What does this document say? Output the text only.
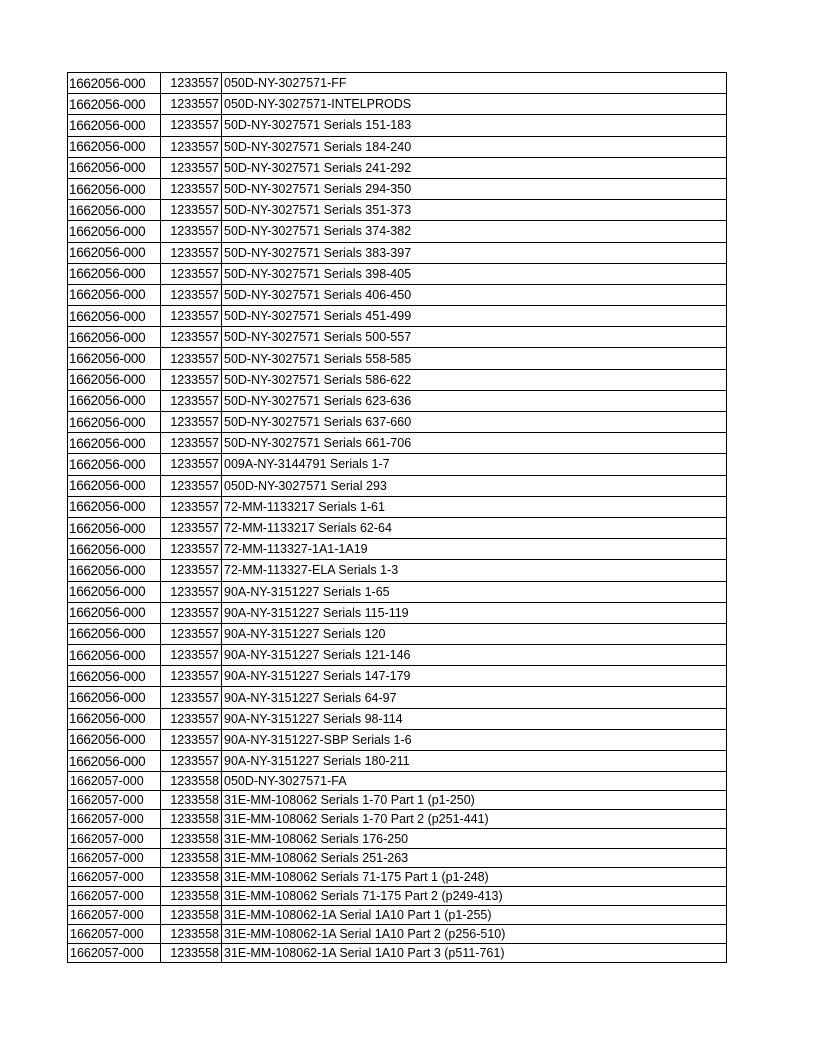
1662056-000	1233557	050D-NY-3027571-FF
1662056-000	1233557	050D-NY-3027571-INTELPRODS
1662056-000	1233557	50D-NY-3027571 Serials 151-183
1662056-000	1233557	50D-NY-3027571 Serials 184-240
1662056-000	1233557	50D-NY-3027571 Serials 241-292
1662056-000	1233557	50D-NY-3027571 Serials 294-350
1662056-000	1233557	50D-NY-3027571 Serials 351-373
1662056-000	1233557	50D-NY-3027571 Serials 374-382
1662056-000	1233557	50D-NY-3027571 Serials 383-397
1662056-000	1233557	50D-NY-3027571 Serials 398-405
1662056-000	1233557	50D-NY-3027571 Serials 406-450
1662056-000	1233557	50D-NY-3027571 Serials 451-499
1662056-000	1233557	50D-NY-3027571 Serials 500-557
1662056-000	1233557	50D-NY-3027571 Serials 558-585
1662056-000	1233557	50D-NY-3027571 Serials 586-622
1662056-000	1233557	50D-NY-3027571 Serials 623-636
1662056-000	1233557	50D-NY-3027571 Serials 637-660
1662056-000	1233557	50D-NY-3027571 Serials 661-706
1662056-000	1233557	009A-NY-3144791 Serials 1-7
1662056-000	1233557	050D-NY-3027571 Serial 293
1662056-000	1233557	72-MM-1133217 Serials 1-61
1662056-000	1233557	72-MM-1133217 Serials 62-64
1662056-000	1233557	72-MM-113327-1A1-1A19
1662056-000	1233557	72-MM-113327-ELA Serials 1-3
1662056-000	1233557	90A-NY-3151227 Serials 1-65
1662056-000	1233557	90A-NY-3151227 Serials 115-119
1662056-000	1233557	90A-NY-3151227 Serials 120
1662056-000	1233557	90A-NY-3151227 Serials 121-146
1662056-000	1233557	90A-NY-3151227 Serials 147-179
1662056-000	1233557	90A-NY-3151227 Serials 64-97
1662056-000	1233557	90A-NY-3151227 Serials 98-114
1662056-000	1233557	90A-NY-3151227-SBP Serials 1-6
1662056-000	1233557	90A-NY-3151227 Serials 180-211
1662057-000	1233558	050D-NY-3027571-FA
1662057-000	1233558	31E-MM-108062 Serials 1-70 Part 1 (p1-250)
1662057-000	1233558	31E-MM-108062 Serials 1-70 Part 2 (p251-441)
1662057-000	1233558	31E-MM-108062 Serials 176-250
1662057-000	1233558	31E-MM-108062 Serials 251-263
1662057-000	1233558	31E-MM-108062 Serials 71-175 Part 1 (p1-248)
1662057-000	1233558	31E-MM-108062 Serials 71-175 Part 2 (p249-413)
1662057-000	1233558	31E-MM-108062-1A Serial 1A10 Part 1 (p1-255)
1662057-000	1233558	31E-MM-108062-1A Serial 1A10 Part 2 (p256-510)
1662057-000	1233558	31E-MM-108062-1A Serial 1A10 Part 3 (p511-761)
